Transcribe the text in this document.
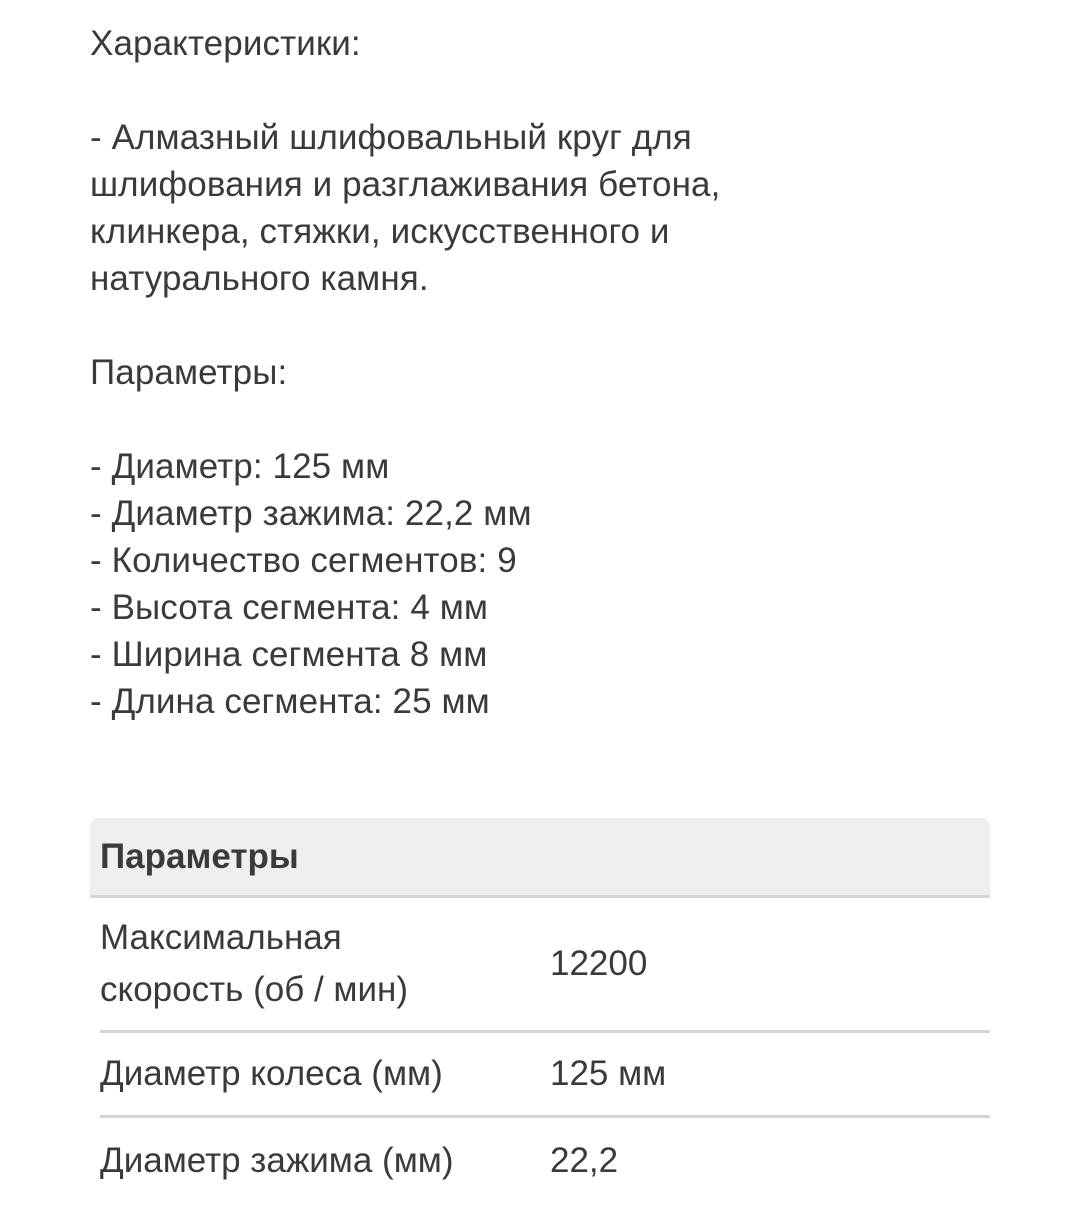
Характеристики:
- Алмазный шлифовальный круг для
шлифования и разглаживания бетона,
клинкера, стяжки, искусственного и
натурального камня.
Параметры:
- Диаметр: 125 мм
- Диаметр зажима: 22,2 мм
- Количество сегментов: 9
- Высота сегмента: 4 мм
- Ширина сегмента 8 мм
- Длина сегмента: 25 мм
Параметры
Максимальная
скорость (об / мин)
12200
Диаметр колеса (мм)	125 мм
Диаметр зажима (мм)	22,2
